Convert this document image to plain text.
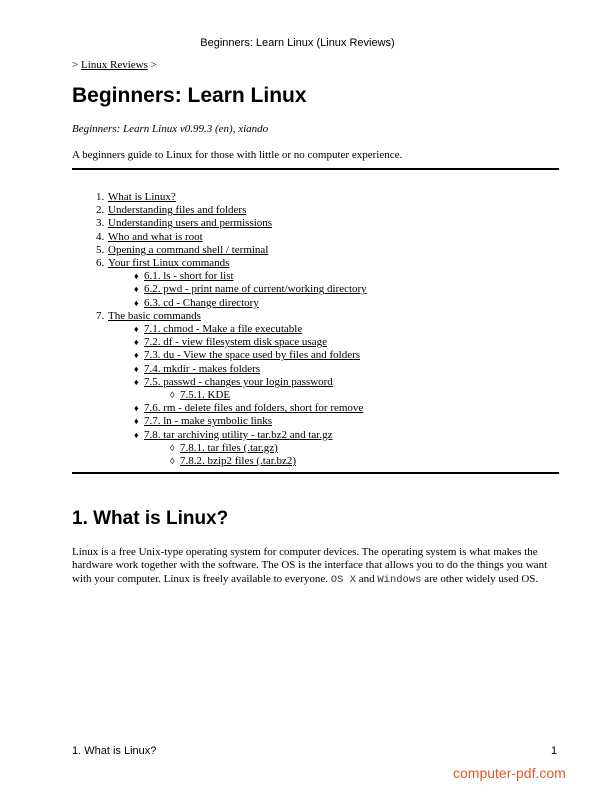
Beginners: Learn Linux (Linux Reviews)
> Linux Reviews >
Beginners: Learn Linux
Beginners: Learn Linux v0.99.3 (en), xiando
A beginners guide to Linux for those with little or no computer experience.
1. What is Linux?
2. Understanding files and folders
3. Understanding users and permissions
4. Who and what is root
5. Opening a command shell / terminal
6. Your first Linux commands
♦ 6.1. ls - short for list
♦ 6.2. pwd - print name of current/working directory
♦ 6.3. cd - Change directory
7. The basic commands
♦ 7.1. chmod - Make a file executable
♦ 7.2. df - view filesystem disk space usage
♦ 7.3. du - View the space used by files and folders
♦ 7.4. mkdir - makes folders
♦ 7.5. passwd - changes your login password
◊ 7.5.1. KDE
♦ 7.6. rm - delete files and folders, short for remove
♦ 7.7. ln - make symbolic links
♦ 7.8. tar archiving utility - tar.bz2 and tar.gz
◊ 7.8.1. tar files (.tar.gz)
◊ 7.8.2. bzip2 files (.tar.bz2)
1. What is Linux?

Linux is a free Unix-type operating system for computer devices. The operating system is what makes the hardware work together with the software. The OS is the interface that allows you to do the things you want with your computer. Linux is freely available to everyone. OS X and Windows are other widely used OS.

1. What is Linux?	1
computer-pdf.com
